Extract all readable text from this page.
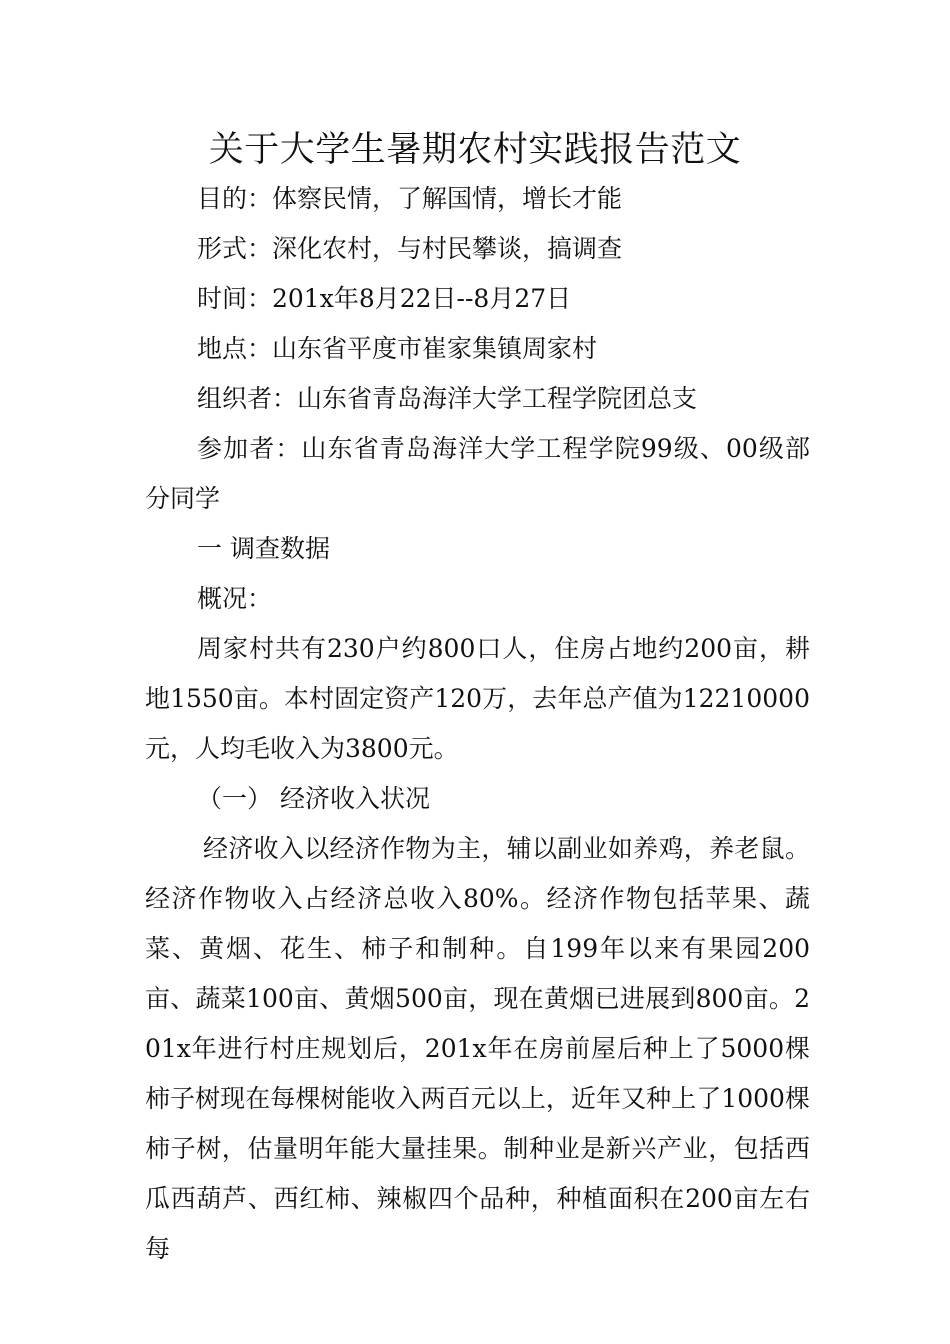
关于大学生暑期农村实践报告范文

目的：体察民情，了解国情，增长才能

形式：深化农村，与村民攀谈，搞调查

时间：201x年8月22日--8月27日

地点：山东省平度市崔家集镇周家村

组织者：山东省青岛海洋大学工程学院团总支

参加者：山东省青岛海洋大学工程学院99级、00级部分同学

一 调查数据

概况：

周家村共有230户约800口人，住房占地约200亩，耕地1550亩。本村固定资产120万，去年总产值为12210000元，人均毛收入为3800元。

（一） 经济收入状况

经济收入以经济作物为主，辅以副业如养鸡，养老鼠。经济作物收入占经济总收入80%。经济作物包括苹果、蔬菜、黄烟、花生、柿子和制种。自199年以来有果园200亩、蔬菜100亩、黄烟500亩，现在黄烟已进展到800亩。201x年进行村庄规划后，201x年在房前屋后种上了5000棵柿子树现在每棵树能收入两百元以上，近年又种上了1000棵柿子树，估量明年能大量挂果。制种业是新兴产业，包括西瓜西葫芦、西红柿、辣椒四个品种，种植面积在200亩左右每
